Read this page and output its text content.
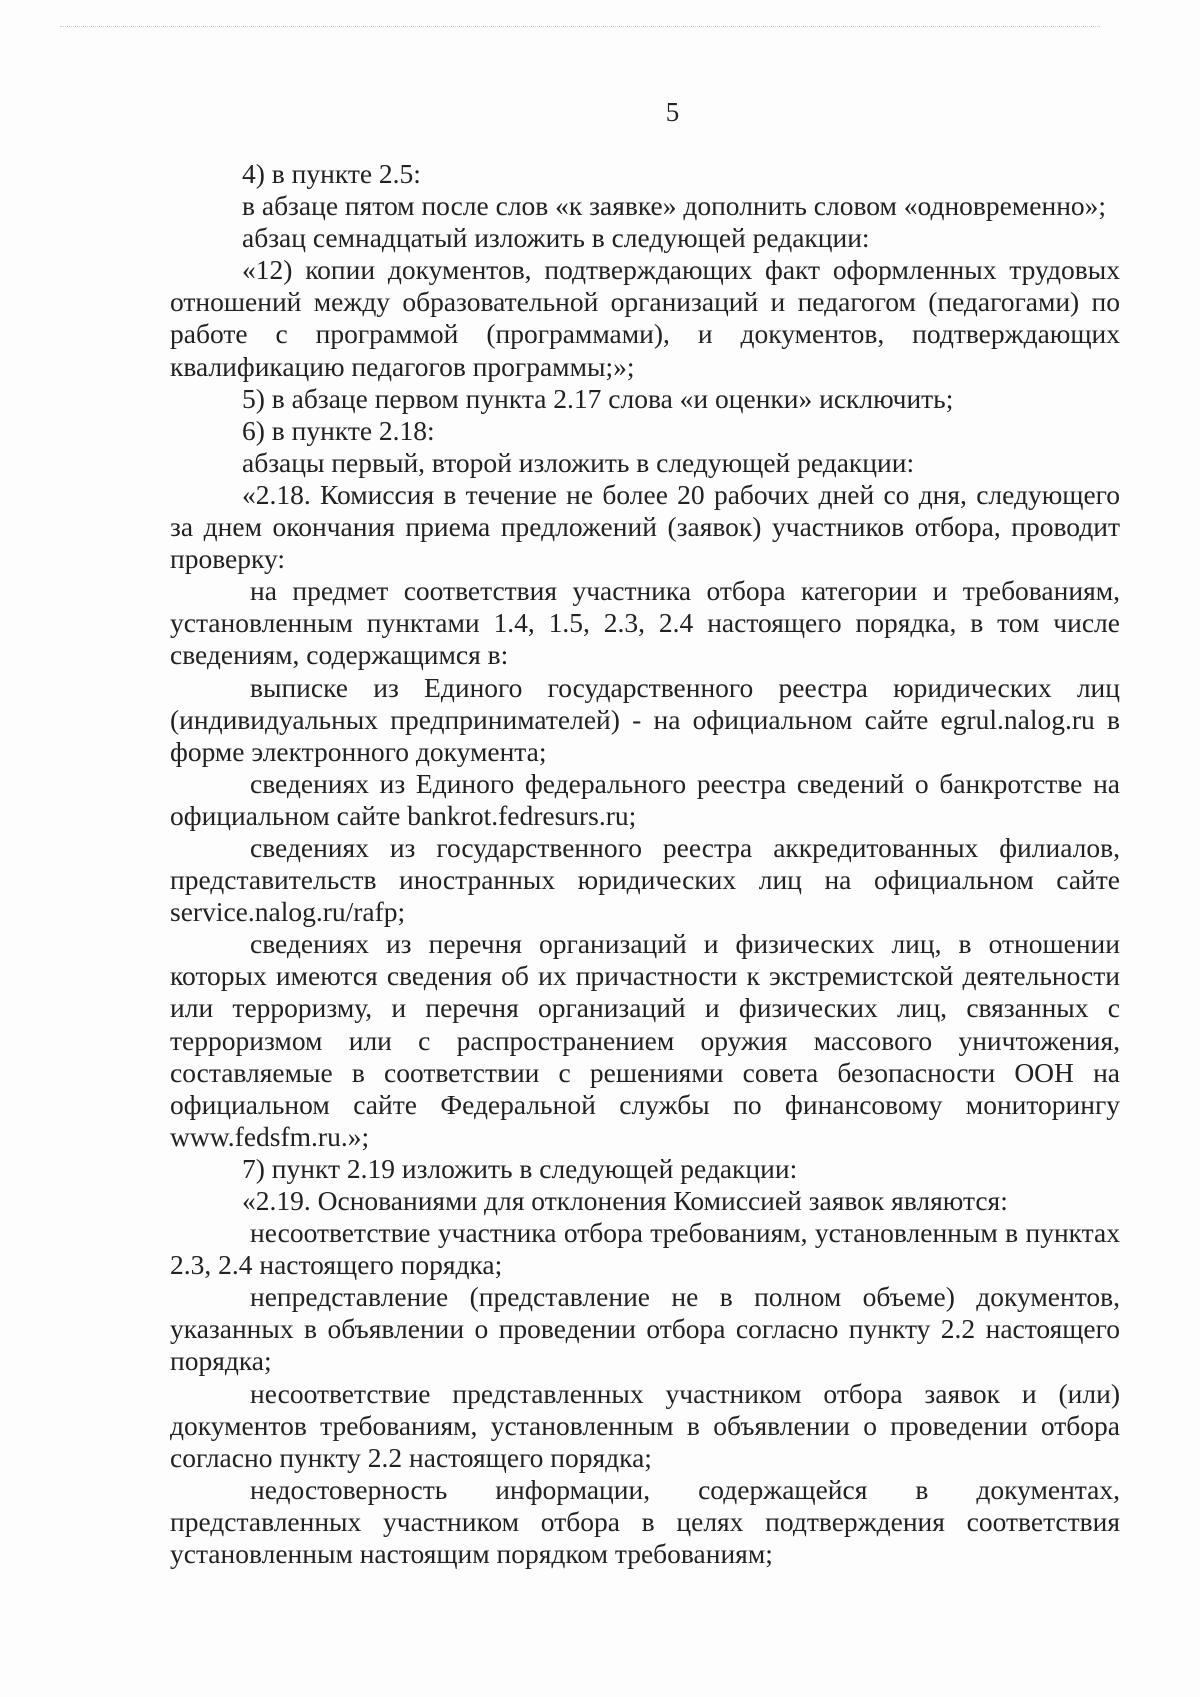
5

4) в пункте 2.5:

в абзаце пятом после слов «к заявке» дополнить словом «одновременно»;

абзац семнадцатый изложить в следующей редакции:

«12) копии документов, подтверждающих факт оформленных трудовых отношений между образовательной организаций и педагогом (педагогами) по работе с программой (программами), и документов, подтверждающих квалификацию педагогов программы;»;

5) в абзаце первом пункта 2.17 слова «и оценки» исключить;

6) в пункте 2.18:

абзацы первый, второй изложить в следующей редакции:

«2.18. Комиссия в течение не более 20 рабочих дней со дня, следующего за днем окончания приема предложений (заявок) участников отбора, проводит проверку:

на предмет соответствия участника отбора категории и требованиям, установленным пунктами 1.4, 1.5, 2.3, 2.4 настоящего порядка, в том числе сведениям, содержащимся в:

выписке из Единого государственного реестра юридических лиц (индивидуальных предпринимателей) - на официальном сайте egrul.nalog.ru в форме электронного документа;

сведениях из Единого федерального реестра сведений о банкротстве на официальном сайте bankrot.fedresurs.ru;

сведениях из государственного реестра аккредитованных филиалов, представительств иностранных юридических лиц на официальном сайте service.nalog.ru/rafp;

сведениях из перечня организаций и физических лиц, в отношении которых имеются сведения об их причастности к экстремистской деятельности или терроризму, и перечня организаций и физических лиц, связанных с терроризмом или с распространением оружия массового уничтожения, составляемые в соответствии с решениями совета безопасности ООН на официальном сайте Федеральной службы по финансовому мониторингу www.fedsfm.ru.»;

7) пункт 2.19 изложить в следующей редакции:

«2.19. Основаниями для отклонения Комиссией заявок являются:

несоответствие участника отбора требованиям, установленным в пунктах 2.3, 2.4 настоящего порядка;

непредставление (представление не в полном объеме) документов, указанных в объявлении о проведении отбора согласно пункту 2.2 настоящего порядка;

несоответствие представленных участником отбора заявок и (или) документов требованиям, установленным в объявлении о проведении отбора согласно пункту 2.2 настоящего порядка;

недостоверность информации, содержащейся в документах, представленных участником отбора в целях подтверждения соответствия установленным настоящим порядком требованиям;
